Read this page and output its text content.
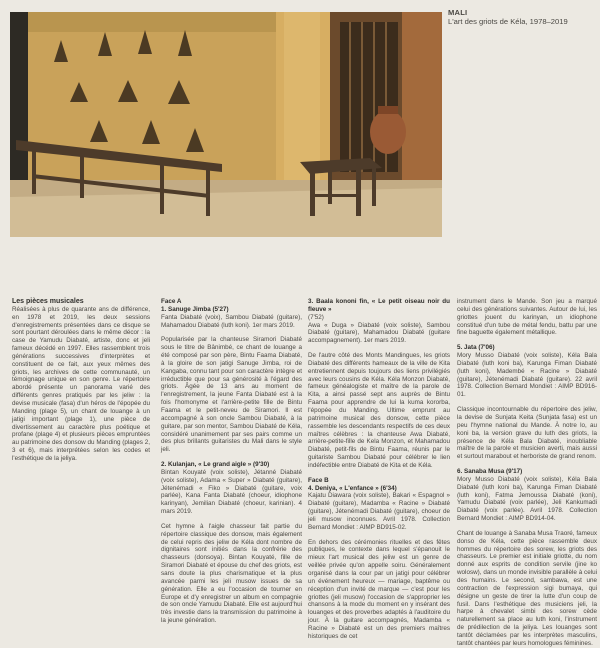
MALI
L'art des griots de Kéla, 1978–2019

Les pièces musicales

Réalisées à plus de quarante ans de différence, en 1978 et 2019, les deux sessions d'enregistrements présentées dans ce disque se sont pourtant déroulées dans le même décor : la case de Yamudu Diabaté, artiste, donc et jeli fameux décédé en 1997. Elles rassemblent trois générations successives d'interprètes et constituent de ce fait, aux yeux mêmes des griots, les archives de cette communauté, un témoignage unique en son genre. Le répertoire abordé présente un panorama varié des différents genres pratiqués par les jeliw : la devise musicale (fasa) d'un héros de l'épopée du Manding (plage 5), un chant de louange à un jatigi important (plage 1), une pièce de divertissement au caractère plus poétique et profane (plage 4) et plusieurs pièces empruntées au patrimoine des donsow du Manding (plages 2, 3 et 6), mais interprétées selon les codes et l'esthétique de la jeliya.

Face A

1. Sanuge Jimba (5'27)

Fanta Diabaté (voix), Sambou Diabaté (guitare), Mahamadou Diabaté (luth koni). 1er mars 2019.

Popularisée par la chanteuse Siramori Diabaté sous le titre de Bânimbé, ce chant de louange a été composé par son père, Bintu Faama Diabaté, à la gloire de son jatigi Sanuge Jimba, roi de Kangaba, connu tant pour son caractère intègre et irréductible que pour sa générosité à l'égard des griots. Âgée de 13 ans au moment de l'enregistrement, la jeune Fanta Diabaté est à la fois l'homonyme et l'arrière-petite fille de Bintu Faama et le petit-neveu de Siramori. Il est accompagné à son oncle Sambou Diabaté, à la guitare, par son mentor, Sambou Diabaté de Kéla, considéré unanimement par ses pairs comme un des plus brillants guitaristes du Mali dans le style jeli.

2. Kulanjan, « Le grand aigle » (9'30)

Bintan Kouyaté (voix soliste), Jétanné Diabaté (voix soliste), Adama « Super » Diabaté (guitare), Jétenémadi « Fiko » Diabaté (guitare, voix parlée), Kana Fanta Diabaté (choeur, idiophone karinyan), Jemilian Diabaté (choeur, karinian). 4 mars 2019.

Cet hymne à l'aigle chasseur fait partie du répertoire classique des donsow, mais également de celui repris des jeliw de Kéla dont nombre de dignitaires sont initiés dans la confrérie des chasseurs (donsoya). Bintan Kouyaté, fille de Siramori Diabaté et épouse du chef des griots, est sans doute la plus charismatique et la plus avancée parmi les jeli musow issues de sa génération. Elle a eu l'occasion de tourner en Europe et d'y enregistrer un album en compagnie de son oncle Yamudu Diabaté. Elle est aujourd'hui très investie dans la transmission du patrimoine à la jeune génération.

3. Baala kononi fin, « Le petit oiseau noir du fleuve »

(7'52)

Awa « Duga » Diabaté (voix soliste), Sambou Diabaté (guitare), Mahamadou Diabaté (guitare accompagnement). 1er mars 2019.

De l'autre côté des Monts Mandingues, les griots Diabaté des différents hameaux de la ville de Kita entretiennent depuis toujours des liens privilégiés avec leurs cousins de Kéla. Kéla Monzon Diabaté, fameux généalogiste et maître de la parole de Kita, a ainsi passé sept ans auprès de Bintu Faama pour apprendre de lui la kuma kororba, l'épopée du Manding. Ultime emprunt au patrimoine musical des donsow, cette pièce rassemble les descendants respectifs de ces deux maîtres célèbres : la chanteuse Awa Diabaté, arrière-petite-fille de Kela Monzon, et Mahamadou Diabaté, petit-fils de Bintu Faama, réunis par le guitariste Sambou Diabaté pour célébrer le lien indéfectible entre Diabaté de Kita et de Kéla.

Face B

4. Deniya, « L'enfance » (6'34)

Kajatu Diawara (voix soliste), Bakari « Espagnol » Diabaté (guitare), Madamba « Racine » Diabaté (guitare), Jétenémadi Diabaté (guitare), choeur de jeli musow inconnues. Avril 1978. Collection Bernard Mondiet : AIMP BD915-02.

En dehors des cérémonies rituelles et des fêtes publiques, le contexte dans lequel s'épanouit le mieux l'art musical des jeliw est un genre de veillée privée qu'on appelle soiru. Généralement organisé dans la cour par un jatigi pour célébrer un événement heureux — mariage, baptême ou réception d'un invité de marque — c'est pour les griottes (jeli musow) l'occasion de s'approprier les chansons à la mode du moment en y insérant des louanges et des proverbes adaptés à l'auditoire du jour. À la guitare accompagnés, Madamba « Racine » Diabaté est un des premiers maîtres historiques de cet

instrument dans le Mande. Son jeu a marqué celui des générations suivantes. Autour de lui, les griottes jouent du karinyan, un idiophone constitué d'un tube de métal fendu, battu par une fine baguette également métallique.

5. Jata (7'06)

Mory Musso Diabaté (voix soliste), Kéla Bala Diabaté (luth koni ba), Karunga Fiman Diabaté (luth koni), Madembé « Racine » Diabaté (guitare), Jétenémadi Diabaté (guitare). 22 avril 1978. Collection Bernard Mondiet : AIMP BD916-01.

Classique incontournable du répertoire des jeliw, la devise de Sunjata Keita (Sunjata fasa) est un peu l'hymne national du Mande. À notre lo, au koni ba, la version grave du luth des griots, la présence de Kéla Bala Diabaté, inoubliable maître de la parole et musicien averti, mais aussi et surtout marabout et herboriste de grand renom.

6. Sanaba Musa (9'17)

Mory Musso Diabaté (voix soliste), Kéla Bala Diabaté (luth koni ba), Karunga Fiman Diabaté (luth koni), Fatma Jemoussa Diabaté (koni), Yamudu Diabaté (voix parlée), Jeli Kankumadi Diabaté (voix parlée). Avril 1978. Collection Bernard Mondiet : AIMP BD914-04.

Chant de louange à Sanaba Musa Traoré, fameux donso de Kéla, cette pièce rassemble deux hommes du répertoire des sorew, les griots des chasseurs. Le premier est initiale griotte, du nom donné aux esprits de condition servile (jine ko wolosw), dans un monde invisible parallèle à celui des humains. Le second, sambawa, est une contraction de l'expression sigi bumaya, qui désigne un geste de tirer la lutte d'un coup de fusil. Dans l'esthétique des musiciens jeli, la harpe à chevalet simbi des sorew cède naturellement sa place au luth koni, l'instrument de prédilection de la jeliya. Les louanges sont tantôt déclamées par les interprètes masculins, tantôt chantées par leurs homologues féminines.
